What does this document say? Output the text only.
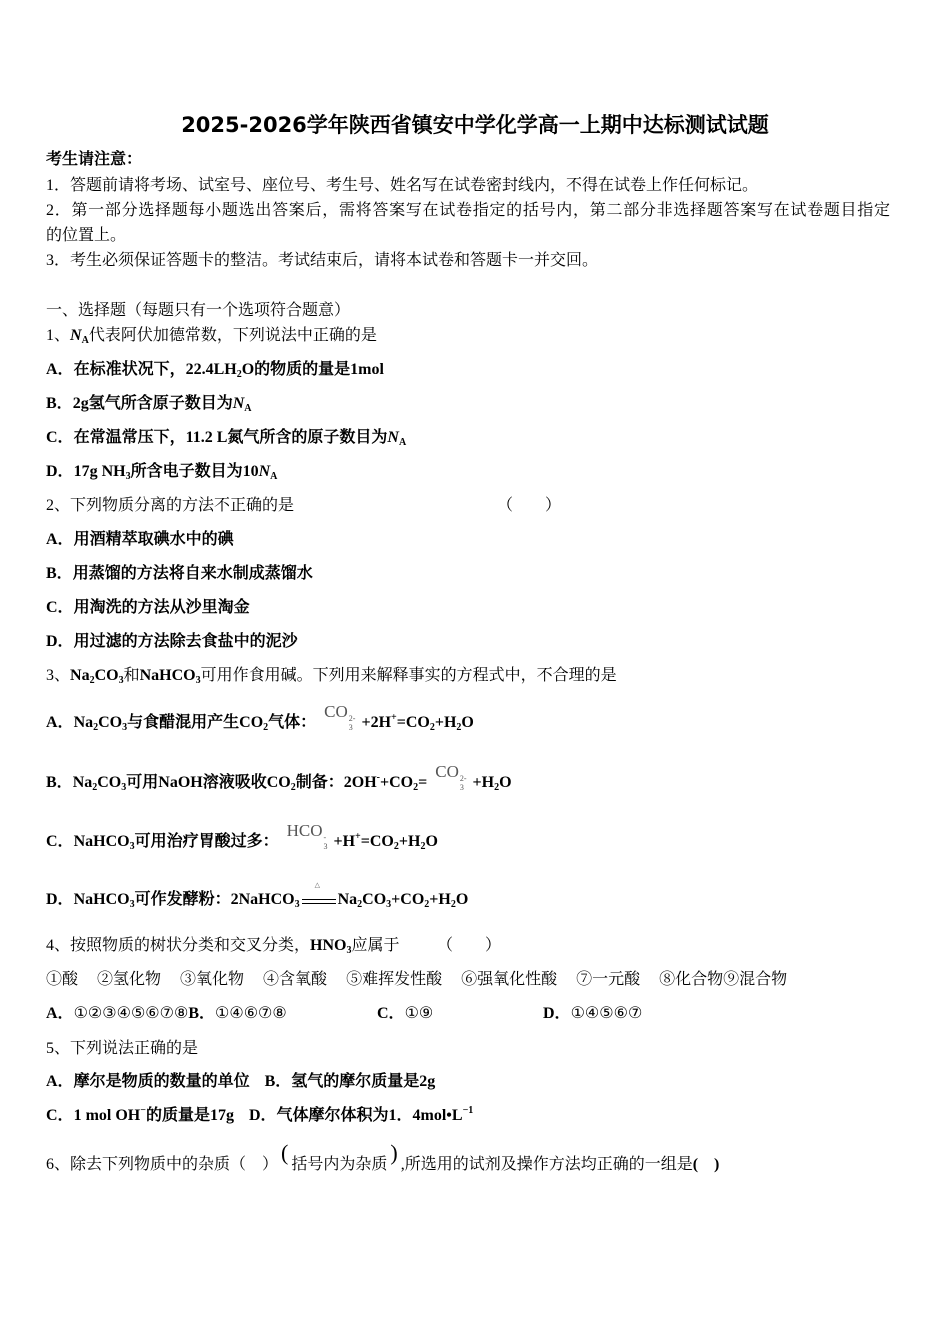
2025-2026学年陕西省镇安中学化学高一上期中达标测试试题
考生请注意：
1．答题前请将考场、试室号、座位号、考生号、姓名写在试卷密封线内，不得在试卷上作任何标记。
2．第一部分选择题每小题选出答案后，需将答案写在试卷指定的括号内，第二部分非选择题答案写在试卷题目指定
的位置上。
3．考生必须保证答题卡的整洁。考试结束后，请将本试卷和答题卡一并交回。
一、选择题（每题只有一个选项符合题意）
1、$N_A$代表阿伏加德常数，下列说法中正确的是
A．在标准状况下，$22.4LH_2O$的物质的量是1mol
B．2g氢气所含原子数目为$N_A$
C．在常温常压下，11.2 L氮气所含的原子数目为$N_A$
D．17g $NH_3$所含电子数目为$10N_A$
2、下列物质分离的方法不正确的是	（　　）
A．用酒精萃取碘水中的碘
B．用蒸馏的方法将自来水制成蒸馏水
C．用淘洗的方法从沙里淘金
D．用过滤的方法除去食盐中的泥沙
3、$Na_2CO_3$和NaHCO$_3$可用作食用碱。下列用来解释事实的方程式中，不合理的是
A．$Na_2CO_3$与食醋混用产生$CO_2$气体：CO 2-
$3 +2H^+=CO_2+H_2O$
B．$Na_2CO_3$可用NaOH溶液吸收$CO_2$制备：$2OH^-+CO_2=CO$ 2-
$3 +H_2O$
C．NaHCO$_3$可用治疗胃酸过多：HCO -
$3 +H^+=CO_2+H_2O$
D．NaHCO$_3$可作发酵粉：2NaHCO$_3$
△
$Na_2CO_3+CO_2+H_2O$
4、按照物质的树状分类和交叉分类，$HNO_3$应属于 （　　）
①酸 ②氢化物 ③氧化物 ④含氧酸 ⑤难挥发性酸 ⑥强氧化性酸 ⑦一元酸 ⑧化合物⑨混合物
A．①②③④⑤⑥⑦⑧B．①④⑥⑦⑧	C．①⑨	D．①④⑤⑥⑦
5、下列说法正确的是
A．摩尔是物质的数量的单位 B．氢气的摩尔质量是2g
C．1 mol OH−的质量是17g D．气体摩尔体积为1．$4mol•L^{-1}$
6、除去下列物质中的杂质（　） ( 括号内为杂质 ) ,所选用的试剂及操作方法均正确的一组是(　)
